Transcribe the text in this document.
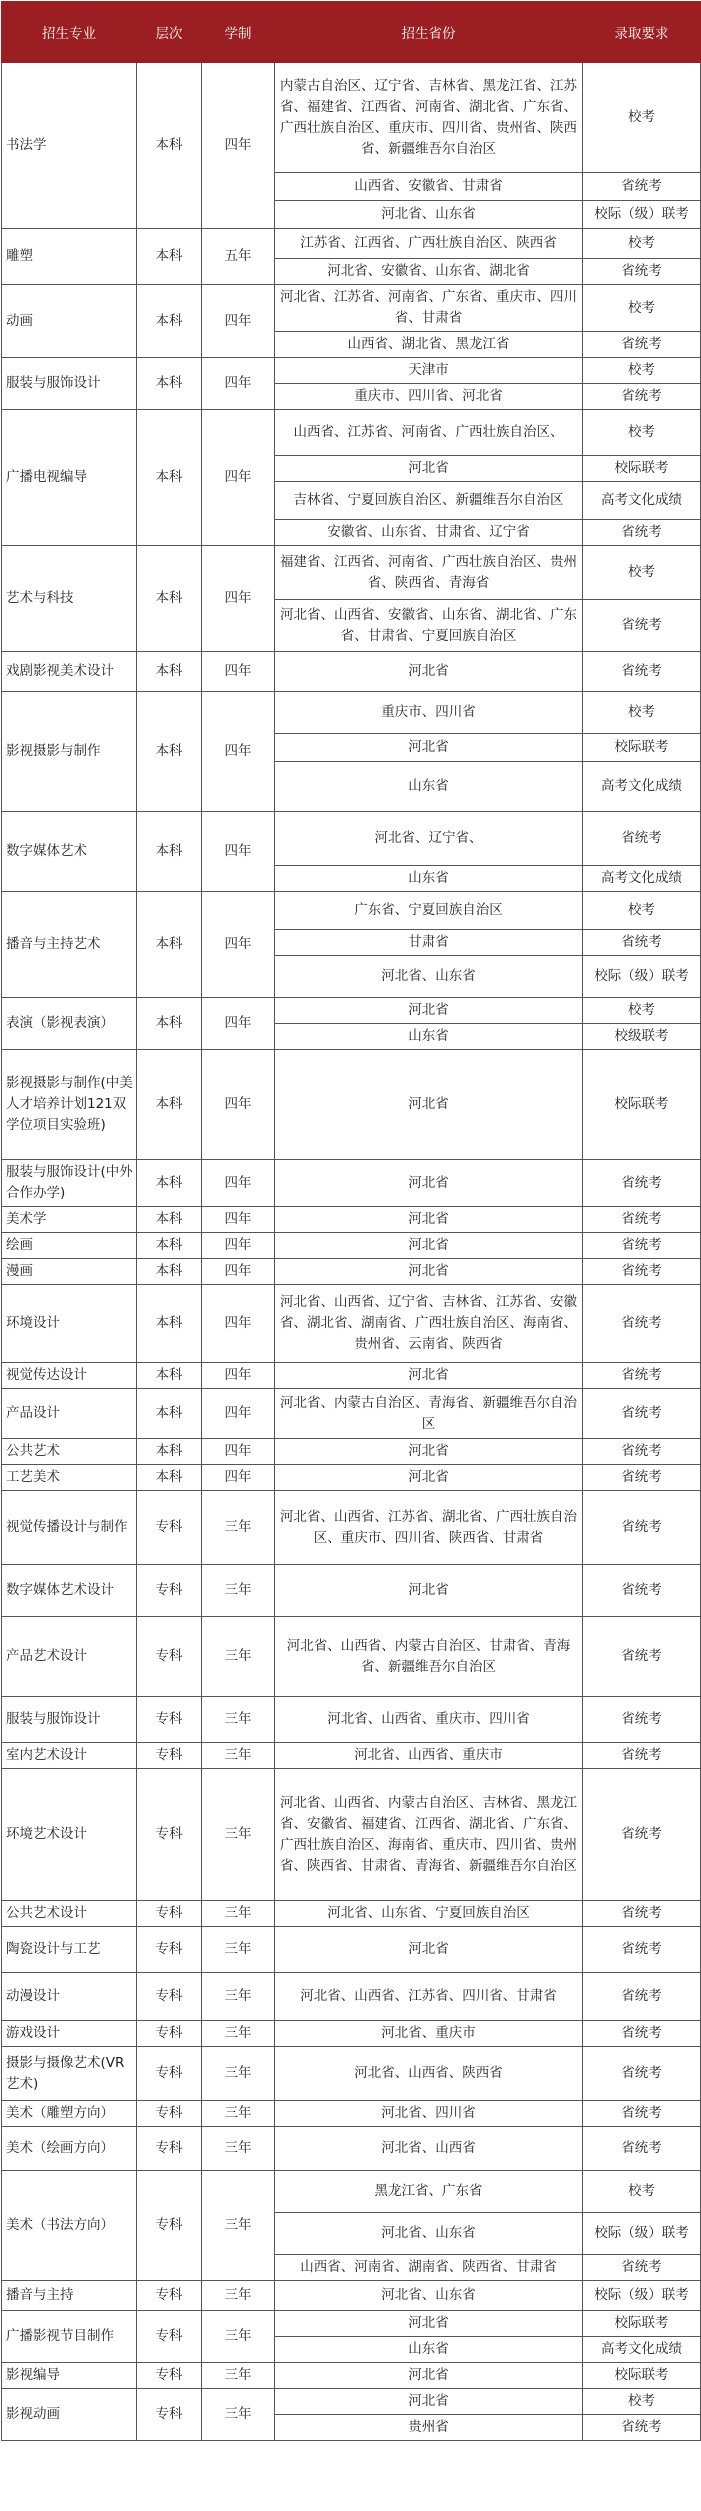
招生专业	层次	学制	招生省份	录取要求
书法学	本科	四年	内蒙古自治区、辽宁省、吉林省、黑龙江省、江苏省、福建省、江西省、河南省、湖北省、广东省、广西壮族自治区、重庆市、四川省、贵州省、陕西省、新疆维吾尔自治区	校考
			山西省、安徽省、甘肃省	省统考
			河北省、山东省	校际（级）联考
雕塑	本科	五年	江苏省、江西省、广西壮族自治区、陕西省	校考
			河北省、安徽省、山东省、湖北省	省统考
动画	本科	四年	河北省、江苏省、河南省、广东省、重庆市、四川省、甘肃省	校考
			山西省、湖北省、黑龙江省	省统考
服装与服饰设计	本科	四年	天津市	校考
			重庆市、四川省、河北省	省统考
广播电视编导	本科	四年	山西省、江苏省、河南省、广西壮族自治区、	校考
			河北省	校际联考
			吉林省、宁夏回族自治区、新疆维吾尔自治区	高考文化成绩
			安徽省、山东省、甘肃省、辽宁省	省统考
艺术与科技	本科	四年	福建省、江西省、河南省、广西壮族自治区、贵州省、陕西省、青海省	校考
			河北省、山西省、安徽省、山东省、湖北省、广东省、甘肃省、宁夏回族自治区	省统考
戏剧影视美术设计	本科	四年	河北省	省统考
影视摄影与制作	本科	四年	重庆市、四川省	校考
			河北省	校际联考
			山东省	高考文化成绩
数字媒体艺术	本科	四年	河北省、辽宁省、	省统考
			山东省	高考文化成绩
播音与主持艺术	本科	四年	广东省、宁夏回族自治区	校考
			甘肃省	省统考
			河北省、山东省	校际（级）联考
表演（影视表演）	本科	四年	河北省	校考
			山东省	校级联考
影视摄影与制作(中美人才培养计划121双学位项目实验班)	本科	四年	河北省	校际联考
服装与服饰设计(中外合作办学)	本科	四年	河北省	省统考
美术学	本科	四年	河北省	省统考
绘画	本科	四年	河北省	省统考
漫画	本科	四年	河北省	省统考
环境设计	本科	四年	河北省、山西省、辽宁省、吉林省、江苏省、安徽省、湖北省、湖南省、广西壮族自治区、海南省、贵州省、云南省、陕西省	省统考
视觉传达设计	本科	四年	河北省	省统考
产品设计	本科	四年	河北省、内蒙古自治区、青海省、新疆维吾尔自治区	省统考
公共艺术	本科	四年	河北省	省统考
工艺美术	本科	四年	河北省	省统考
视觉传播设计与制作	专科	三年	河北省、山西省、江苏省、湖北省、广西壮族自治区、重庆市、四川省、陕西省、甘肃省	省统考
数字媒体艺术设计	专科	三年	河北省	省统考
产品艺术设计	专科	三年	河北省、山西省、内蒙古自治区、甘肃省、青海省、新疆维吾尔自治区	省统考
服装与服饰设计	专科	三年	河北省、山西省、重庆市、四川省	省统考
室内艺术设计	专科	三年	河北省、山西省、重庆市	省统考
环境艺术设计	专科	三年	河北省、山西省、内蒙古自治区、吉林省、黑龙江省、安徽省、福建省、江西省、湖北省、广东省、广西壮族自治区、海南省、重庆市、四川省、贵州省、陕西省、甘肃省、青海省、新疆维吾尔自治区	省统考
公共艺术设计	专科	三年	河北省、山东省、宁夏回族自治区	省统考
陶瓷设计与工艺	专科	三年	河北省	省统考
动漫设计	专科	三年	河北省、山西省、江苏省、四川省、甘肃省	省统考
游戏设计	专科	三年	河北省、重庆市	省统考
摄影与摄像艺术(VR艺术)	专科	三年	河北省、山西省、陕西省	省统考
美术（雕塑方向）	专科	三年	河北省、四川省	省统考
美术（绘画方向）	专科	三年	河北省、山西省	省统考
美术（书法方向）	专科	三年	黑龙江省、广东省	校考
			河北省、山东省	校际（级）联考
			山西省、河南省、湖南省、陕西省、甘肃省	省统考
播音与主持	专科	三年	河北省、山东省	校际（级）联考
广播影视节目制作	专科	三年	河北省	校际联考
			山东省	高考文化成绩
影视编导	专科	三年	河北省	校际联考
影视动画	专科	三年	河北省	校考
			贵州省	省统考
